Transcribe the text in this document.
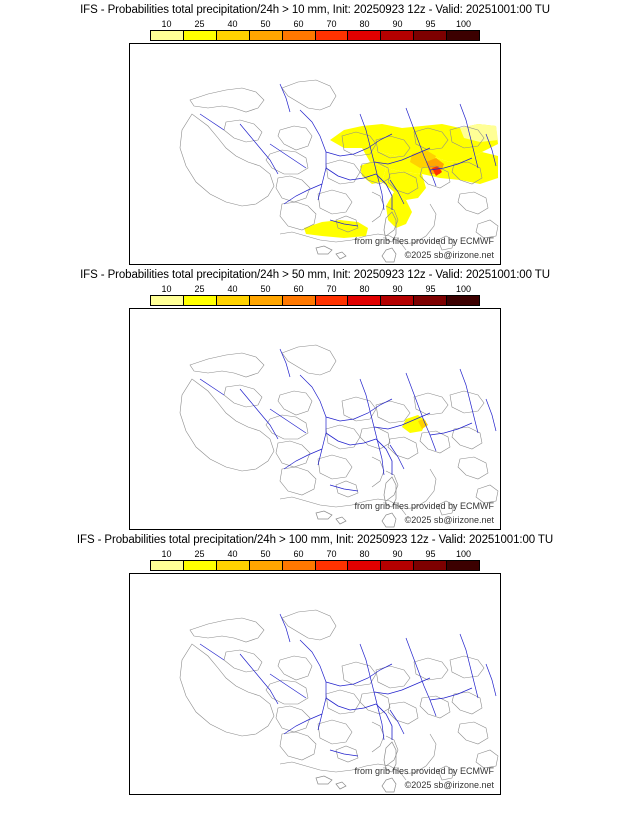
IFS - Probabilities total precipitation/24h > 10 mm, Init: 20250923 12z - Valid: 20251001:00 TU
10	25	40	50	60	70	80	90	95 100
from grib files provided by ECMWF
©2025 sb@irizone.net
IFS - Probabilities total precipitation/24h > 50 mm, Init: 20250923 12z - Valid: 20251001:00 TU
10	25	40	50	60	70	80	90	95 100
from grib files provided by ECMWF
©2025 sb@irizone.net
IFS - Probabilities total precipitation/24h > 100 mm, Init: 20250923 12z - Valid: 20251001:00 TU
10	25	40	50	60	70	80	90	95 100
from grib files provided by ECMWF
©2025 sb@irizone.net
